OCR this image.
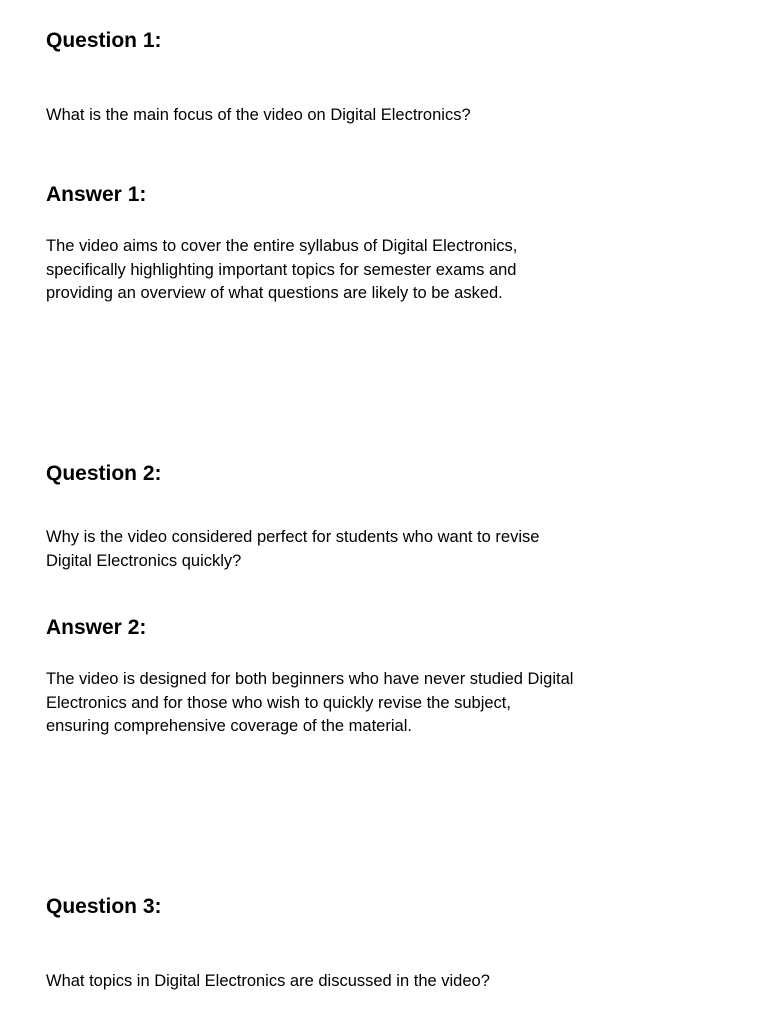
Question 1:

What is the main focus of the video on Digital Electronics?

Answer 1:

The video aims to cover the entire syllabus of Digital Electronics,
specifically highlighting important topics for semester exams and
providing an overview of what questions are likely to be asked.

Question 2:

Why is the video considered perfect for students who want to revise
Digital Electronics quickly?

Answer 2:

The video is designed for both beginners who have never studied Digital
Electronics and for those who wish to quickly revise the subject,
ensuring comprehensive coverage of the material.

Question 3:

What topics in Digital Electronics are discussed in the video?
